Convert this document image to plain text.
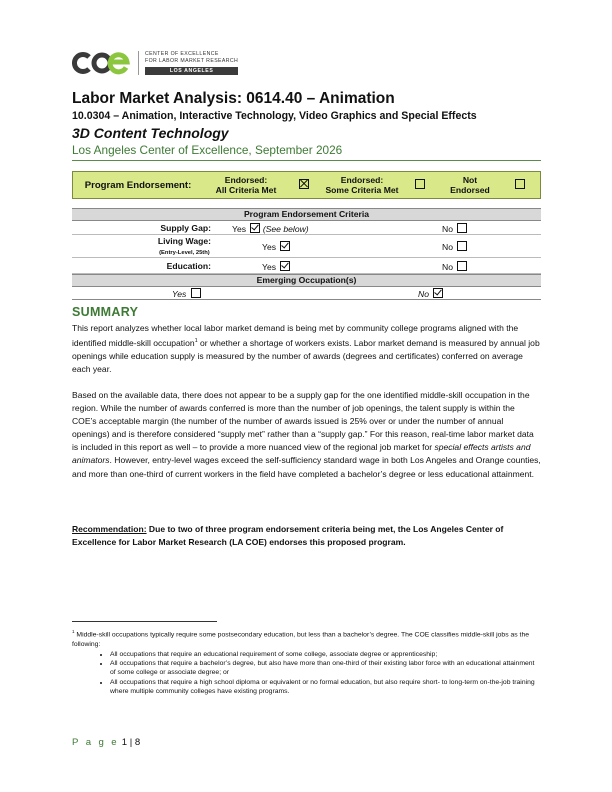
CENTER OF EXCELLENCE
FOR LABOR MARKET RESEARCH
LOS ANGELES
Labor Market Analysis: 0614.40 – Animation
10.0304 – Animation, Interactive Technology, Video Graphics and Special Effects
3D Content Technology
Los Angeles Center of Excellence, September 2026
Program Endorsement:	Endorsed:
All Criteria Met
Endorsed:
Some Criteria Met
Not
Endorsed
Program Endorsement Criteria
Supply Gap: Yes (See below)	No
Living Wage:
(Entry-Level, 25th)
Yes	No
Education:	Yes	No
Emerging Occupation(s)
Yes	No
SUMMARY
This report analyzes whether local labor market demand is being met by community college programs aligned with the identified middle-skill occupation$^1$ or whether a shortage of workers exists. Labor market demand is measured by annual job openings while education supply is measured by the number of awards (degrees and certificates) conferred on average each year.
Based on the available data, there does not appear to be a supply gap for the one identified middle-skill occupation in the region. While the number of awards conferred is more than the number of job openings, the talent supply is within the COE’s acceptable margin (the number of the number of awards issued is 25% over or under the number of annual openings) and is therefore considered “supply met” rather than a “supply gap.” For this reason, real-time labor market data is included in this report as well – to provide a more nuanced view of the regional job market for special effects artists and animators. However, entry-level wages exceed the self-sufficiency standard wage in both Los Angeles and Orange counties, and more than one-third of current workers in the field have completed a bachelor’s degree or less educational attainment.
Recommendation: Due to two of three program endorsement criteria being met, the Los Angeles Center of Excellence for Labor Market Research (LA COE) endorses this proposed program.
$^1$ Middle-skill occupations typically require some postsecondary education, but less than a bachelor’s degree. The COE classifies middle-skill jobs as the following:
• All occupations that require an educational requirement of some college, associate degree or apprenticeship;
• All occupations that require a bachelor’s degree, but also have more than one-third of their existing labor force with an educational attainment of some college or associate degree; or
• All occupations that require a high school diploma or equivalent or no formal education, but also require short- to long-term on-the-job training where multiple community colleges have existing programs.
P a g e 1 | 8
